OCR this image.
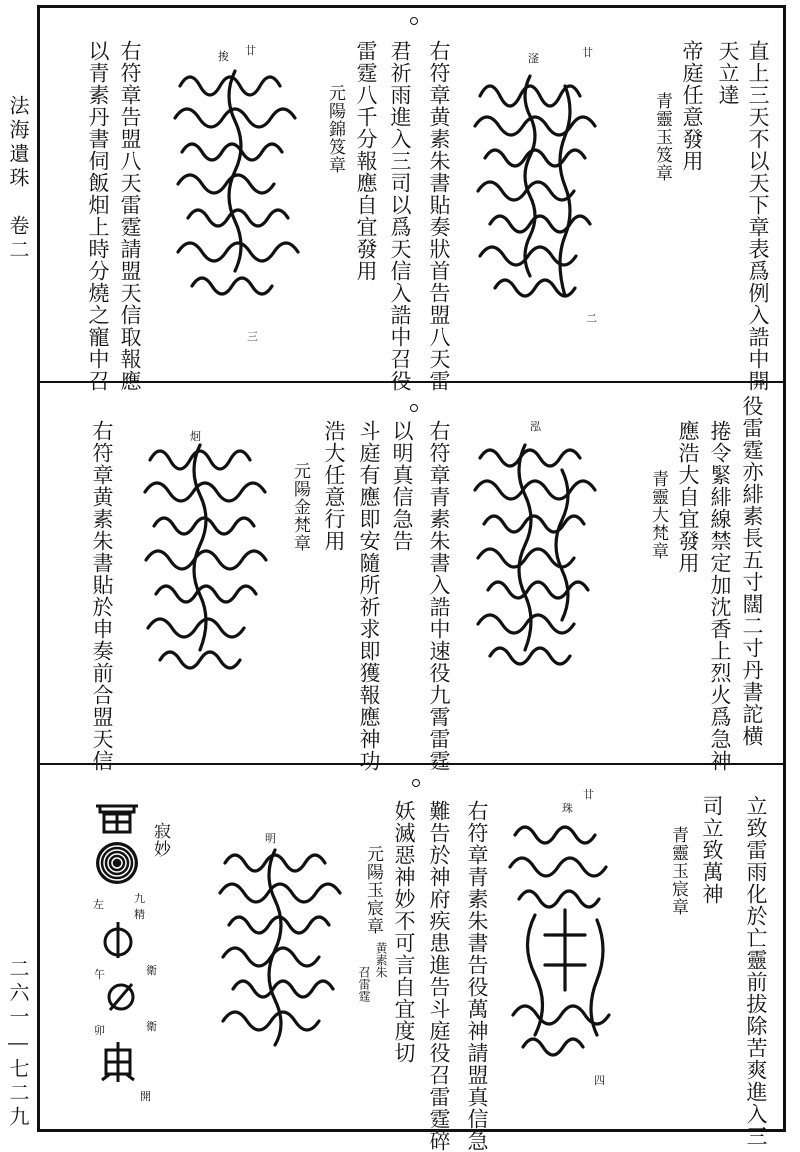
法海遺珠　卷二
二六一―七二九
直上三天不以天下章表爲例入誥中開
天立達
帝庭任意發用
青靈玉笈章
廿
滏
二
右符章黄素朱書貼奏狀首告盟八天雷
君祈雨進入三司以爲天信入誥中召役
雷霆八千分報應自宜發用
元陽錦笈章
廿
捘
三
右符章告盟八天雷霆請盟天信取報應
以青素丹書伺飯𤇆上時分燒之寵中召
役雷霆亦緋素長五寸闊二寸丹書詑横
捲令緊緋線禁定加沈香上烈火爲急神
應浩大自宜發用
青靈大梵章
泓
右符章青素朱書入誥中速役九霄雷霆
以明真信急告
斗庭有應即安隨所祈求即獲報應神功
浩大任意行用
元陽金梵章
𤇆
右符章黄素朱書貼於申奏前合盟天信
立致雷雨化於亡靈前拔除苦爽進入三
司立致萬神
青靈玉宸章
廿
珠
四
右符章青素朱書告役萬神請盟真信急
難告於神府疾患進告斗庭役召雷霆碎
妖滅惡神妙不可言自宜度切
元陽玉宸章
黄素朱
召雷霆
明
寂妙
左	九
精
午	衛
卯	衛
開
